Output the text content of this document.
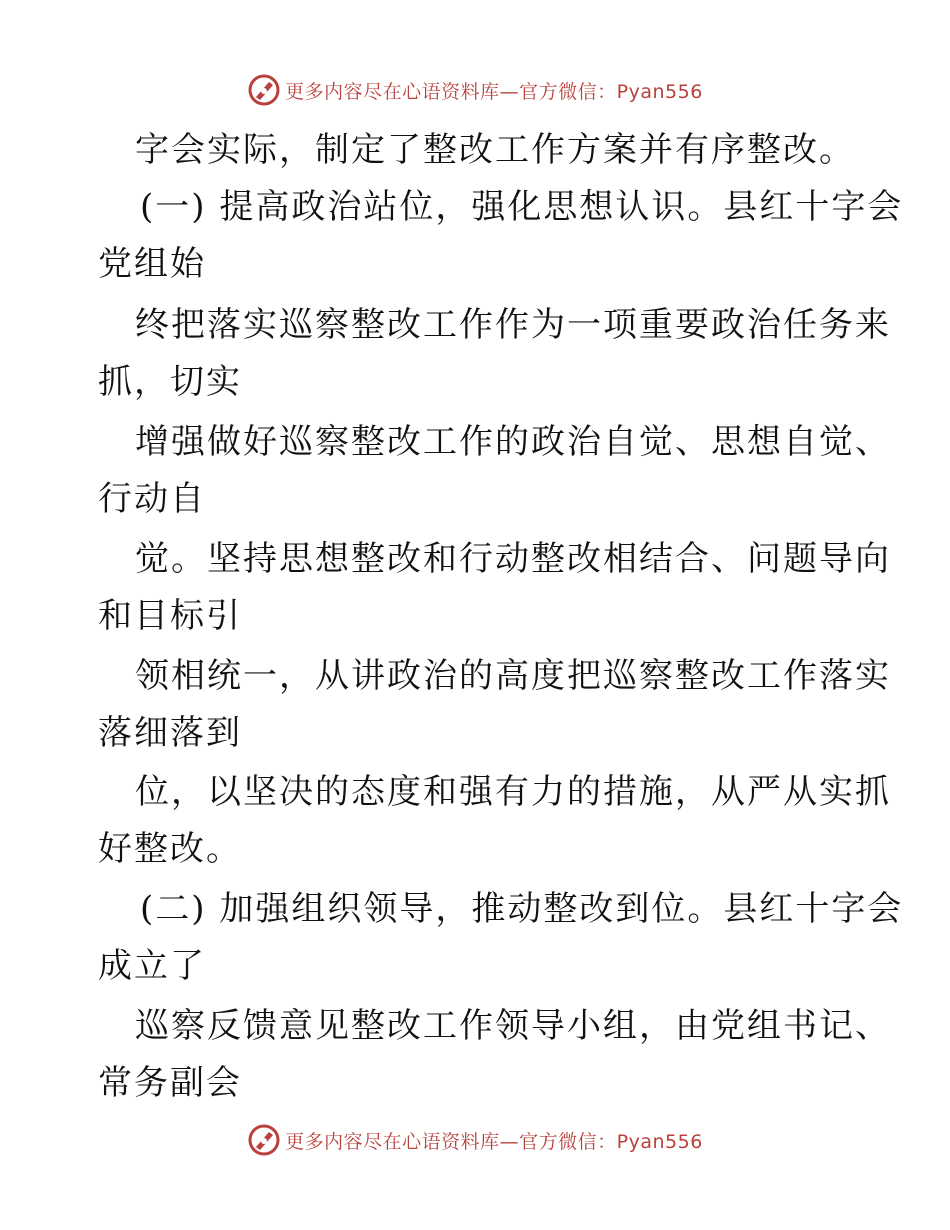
更多内容尽在心语资料库—官方微信：Pyan556
字会实际，制定了整改工作方案并有序整改。
(一) 提高政治站位，强化思想认识。县红十字会
党组始
终把落实巡察整改工作作为一项重要政治任务来
抓，切实
增强做好巡察整改工作的政治自觉、思想自觉、
行动自
觉。坚持思想整改和行动整改相结合、问题导向
和目标引
领相统一，从讲政治的高度把巡察整改工作落实
落细落到
位，以坚决的态度和强有力的措施，从严从实抓
好整改。
(二) 加强组织领导，推动整改到位。县红十字会
成立了
巡察反馈意见整改工作领导小组，由党组书记、
常务副会
更多内容尽在心语资料库—官方微信：Pyan556
